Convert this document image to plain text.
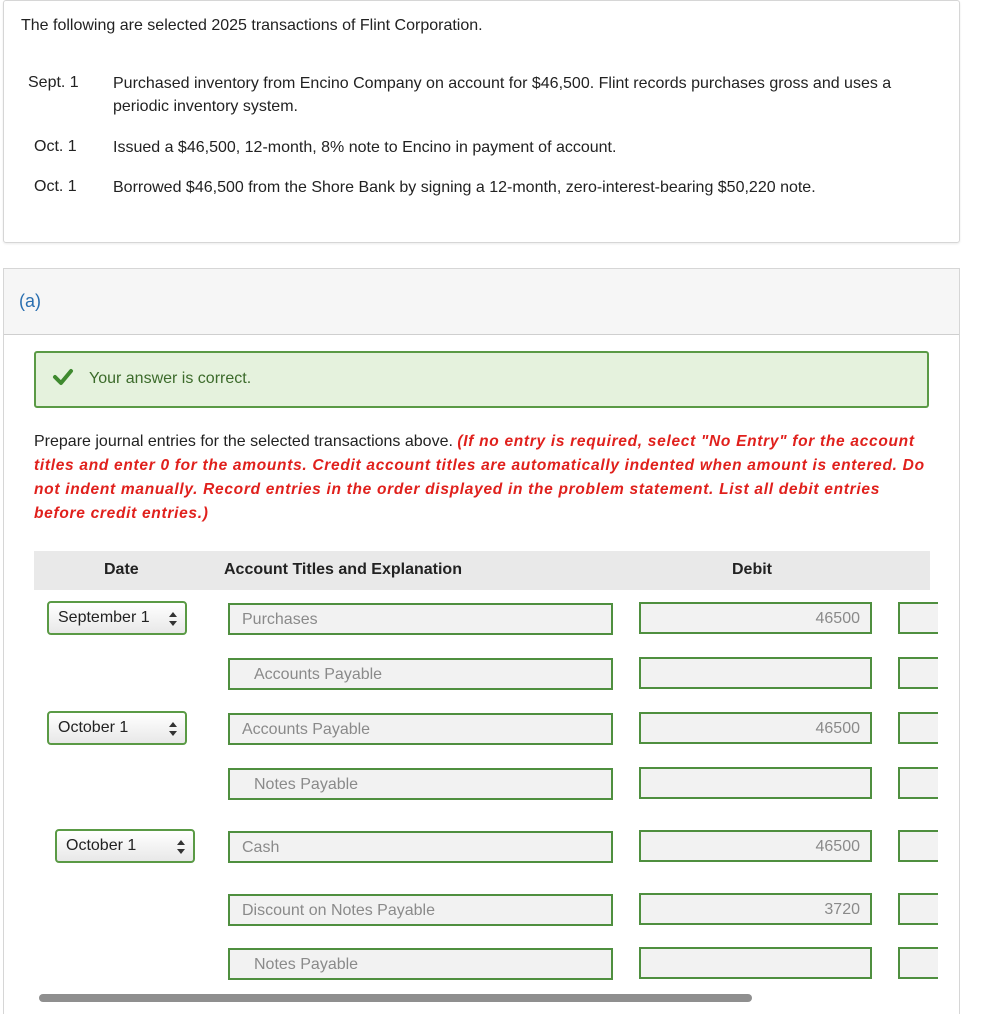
The following are selected 2025 transactions of Flint Corporation.
Sept. 1 Purchased inventory from Encino Company on account for $46,500. Flint records purchases gross and uses a periodic inventory system.
Oct. 1 Issued a $46,500, 12-month, 8% note to Encino in payment of account.
Oct. 1 Borrowed $46,500 from the Shore Bank by signing a 12-month, zero-interest-bearing $50,220 note.
(a)
Your answer is correct.
Prepare journal entries for the selected transactions above. (If no entry is required, select "No Entry" for the account titles and enter 0 for the amounts. Credit account titles are automatically indented when amount is entered. Do not indent manually. Record entries in the order displayed in the problem statement. List all debit entries before credit entries.)
Date	Account Titles and Explanation	Debit
September 1	Purchases	46500
Accounts Payable
October 1	Accounts Payable	46500
Notes Payable
October 1	Cash	46500
Discount on Notes Payable	3720
Notes Payable
